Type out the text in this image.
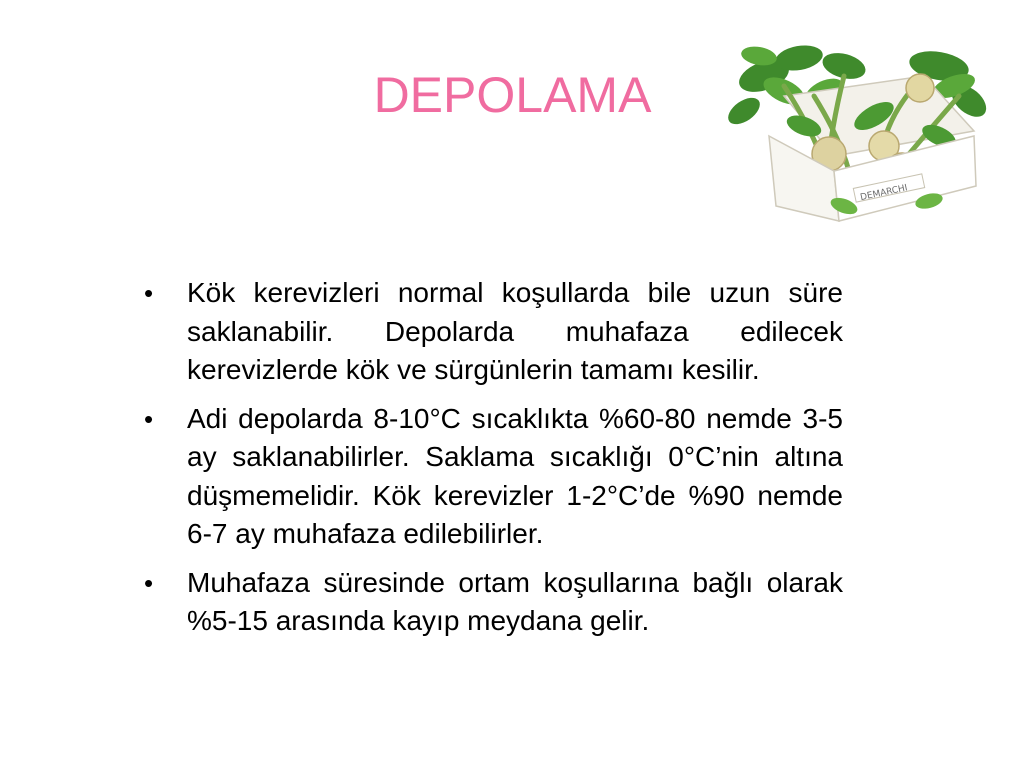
DEPOLAMA
DEMARCHI
• Kök kerevizleri normal koşullarda bile uzun süre saklanabilir. Depolarda muhafaza edilecek kerevizlerde kök ve sürgünlerin tamamı kesilir.
• Adi depolarda 8-10°C sıcaklıkta %60-80 nemde 3-5 ay saklanabilirler. Saklama sıcaklığı 0°C’nin altına düşmemelidir. Kök kerevizler 1-2°C’de %90 nemde 6-7 ay muhafaza edilebilirler.
• Muhafaza süresinde ortam koşullarına bağlı olarak %5-15 arasında kayıp meydana gelir.
